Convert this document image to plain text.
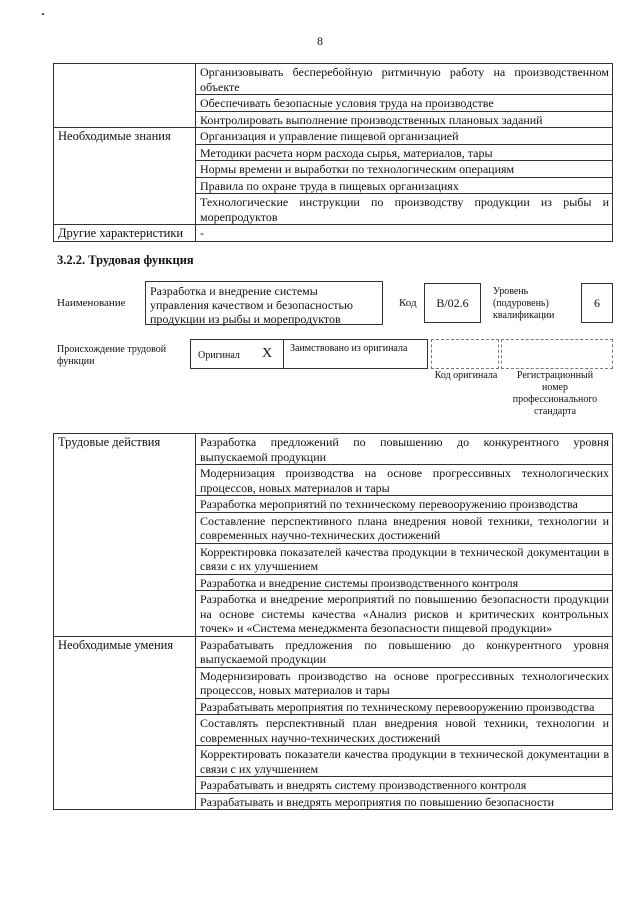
8
	Организовывать бесперебойную ритмичную работу на производственном объекте
	Обеспечивать безопасные условия труда на производстве
	Контролировать выполнение производственных плановых заданий
Необходимые знания	Организация и управление пищевой организацией
	Методики расчета норм расхода сырья, материалов, тары
	Нормы времени и выработки по технологическим операциям
	Правила по охране труда в пищевых организациях
	Технологические инструкции по производству продукции из рыбы и морепродуктов
Другие характеристики	-
3.2.2. Трудовая функция
Наименование
Разработка и внедрение системы управления качеством и безопасностью продукции из рыбы и морепродуктов
Код B/02.6
Уровень (подуровень) квалификации
6
Происхождение трудовой функции
Оригинал X Заимствовано из оригинала
Код оригинала	Регистрационный номер профессионального стандарта
Трудовые действия	Разработка предложений по повышению до конкурентного уровня выпускаемой продукции
	Модернизация производства на основе прогрессивных технологических процессов, новых материалов и тары
	Разработка мероприятий по техническому перевооружению производства
	Составление перспективного плана внедрения новой техники, технологии и современных научно-технических достижений
	Корректировка показателей качества продукции в технической документации в связи с их улучшением
	Разработка и внедрение системы производственного контроля
	Разработка и внедрение мероприятий по повышению безопасности продукции на основе системы качества «Анализ рисков и критических контрольных точек» и «Система менеджмента безопасности пищевой продукции»
Необходимые умения	Разрабатывать предложения по повышению до конкурентного уровня выпускаемой продукции
	Модернизировать производство на основе прогрессивных технологических процессов, новых материалов и тары
	Разрабатывать мероприятия по техническому перевооружению производства
	Составлять перспективный план внедрения новой техники, технологии и современных научно-технических достижений
	Корректировать показатели качества продукции в технической документации в связи с их улучшением
	Разрабатывать и внедрять систему производственного контроля
	Разрабатывать и внедрять мероприятия по повышению безопасности
